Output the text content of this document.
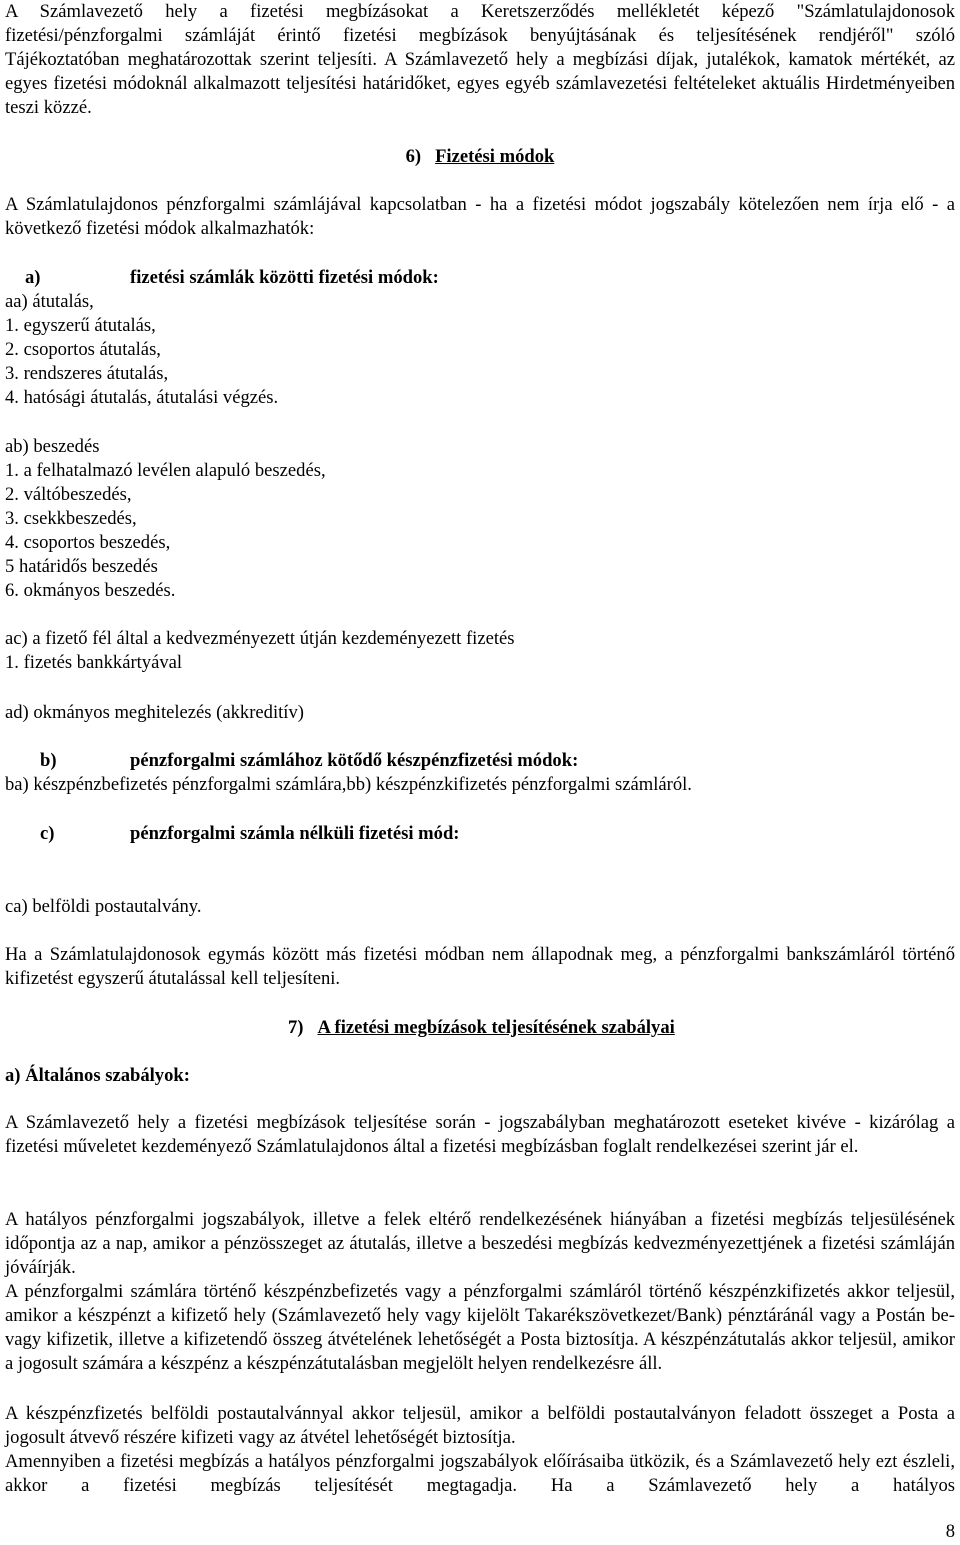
A Számlavezető hely a fizetési megbízásokat a Keretszerződés mellékletét képező "Számlatulajdonosok

fizetési/pénzforgalmi számláját érintő fizetési megbízások benyújtásának és teljesítésének rendjéről" szóló

Tájékoztatóban meghatározottak szerint teljesíti. A Számlavezető hely a megbízási díjak, jutalékok, kamatok mértékét, az egyes fizetési módoknál alkalmazott teljesítési határidőket, egyes egyéb számlavezetési feltételeket aktuális Hirdetményeiben teszi közzé.

6) Fizetési módok

A Számlatulajdonos pénzforgalmi számlájával kapcsolatban - ha a fizetési módot jogszabály kötelezően nem írja elő - a következő fizetési módok alkalmazhatók:

a)	fizetési számlák közötti fizetési módok:

aa) átutalás,

1. egyszerű átutalás,

2. csoportos átutalás,

3. rendszeres átutalás,

4. hatósági átutalás, átutalási végzés.

ab) beszedés

1. a felhatalmazó levélen alapuló beszedés,

2. váltóbeszedés,

3. csekkbeszedés,

4. csoportos beszedés,

5 határidős beszedés

6. okmányos beszedés.

ac) a fizető fél által a kedvezményezett útján kezdeményezett fizetés

1. fizetés bankkártyával

ad) okmányos meghitelezés (akkreditív)

b)	pénzforgalmi számlához kötődő készpénzfizetési módok:

ba) készpénzbefizetés pénzforgalmi számlára,bb) készpénzkifizetés pénzforgalmi számláról.

c)	pénzforgalmi számla nélküli fizetési mód:

ca) belföldi postautalvány.

Ha a Számlatulajdonosok egymás között más fizetési módban nem állapodnak meg, a pénzforgalmi bankszámláról történő kifizetést egyszerű átutalással kell teljesíteni.

7) A fizetési megbízások teljesítésének szabályai

a) Általános szabályok:

A Számlavezető hely a fizetési megbízások teljesítése során - jogszabályban meghatározott eseteket kivéve - kizárólag a fizetési műveletet kezdeményező Számlatulajdonos által a fizetési megbízásban foglalt rendelkezései szerint jár el.

A hatályos pénzforgalmi jogszabályok, illetve a felek eltérő rendelkezésének hiányában a fizetési megbízás teljesülésének időpontja az a nap, amikor a pénzösszeget az átutalás, illetve a beszedési megbízás kedvezményezettjének a fizetési számláján jóváírják.

A pénzforgalmi számlára történő készpénzbefizetés vagy a pénzforgalmi számláról történő készpénzkifizetés akkor teljesül, amikor a készpénzt a kifizető hely (Számlavezető hely vagy kijelölt Takarékszövetkezet/Bank) pénztáránál vagy a Postán be- vagy kifizetik, illetve a kifizetendő összeg átvételének lehetőségét a Posta biztosítja. A készpénzátutalás akkor teljesül, amikor a jogosult számára a készpénz a készpénzátutalásban megjelölt helyen rendelkezésre áll.

A készpénzfizetés belföldi postautalvánnyal akkor teljesül, amikor a belföldi postautalványon feladott összeget a Posta a jogosult átvevő részére kifizeti vagy az átvétel lehetőségét biztosítja.

Amennyiben a fizetési megbízás a hatályos pénzforgalmi jogszabályok előírásaiba ütközik, és a Számlavezető hely ezt észleli, akkor a fizetési megbízás teljesítését megtagadja. Ha a Számlavezető hely a hatályos

8
